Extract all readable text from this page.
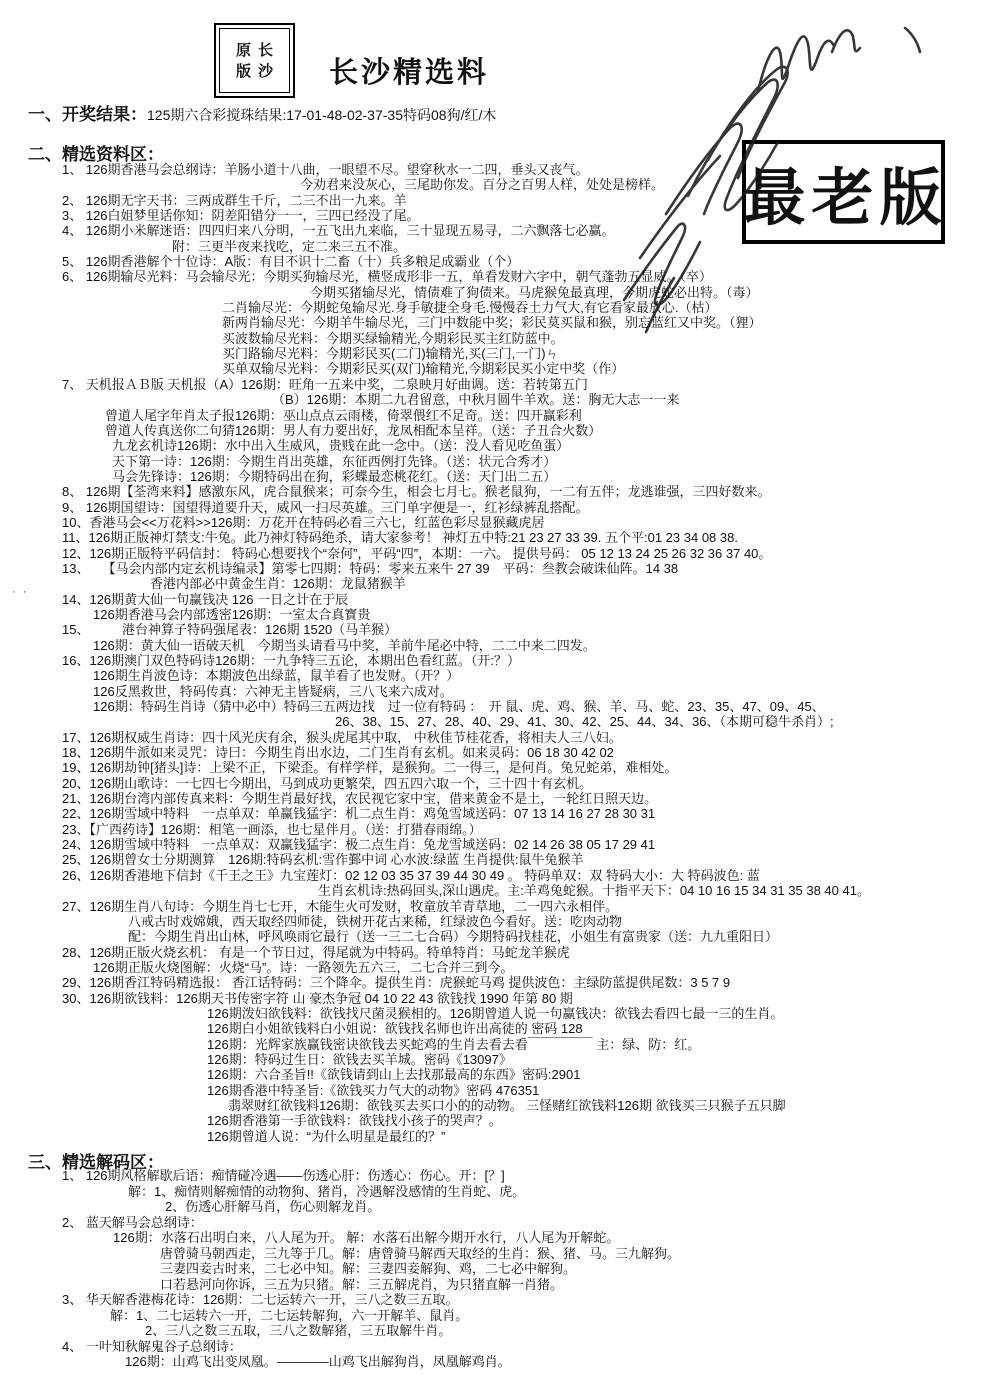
原长
版沙 长沙精选料
最老版
一、开奖结果：125期六合彩搅珠结果:17-01-48-02-37-35特码08狗/红/木
二、精选资料区：
1、 126期香港马会总纲诗：羊肠小道十八曲，一眼望不尽。望穿秋水一二四，垂头又丧气。
今劝君来没灰心，三尾助你发。百分之百男人样，处处是榜样。
2、 126期无字天书：三两成群生千斤，二三不出一九来。羊
3、 126白姐梦里话你知：阴差阳错分一一，三四已经没了尾。
4、 126期小米解迷语：四四归来八分明，一五飞出九来临，三十显现五易寻，二六飘落七必赢。
附：三更半夜来找吃，定二来三五不准。
5、 126期香港解个十位诗：A版：有目不识十二畜（十）兵多粮足成霸业（个）
6、 126期输尽光料：马会输尽光：今期买狗输尽光，横竖成形非一五，单看发财六字中，朝气蓬勃五显威。（卒）
今期买猪输尽光，情债难了狗债来。马虎猴兔最真理，今期虎蛇必出特。（毒）
二肖输尽光：今期蛇兔输尽光.身手敏捷全身毛.慢慢吞土力气大,有它看家最放心.（枯）
新两肖输尽光：今期羊牛输尽光，三门中数能中奖；彩民莫买鼠和猴，别忘蓝红又中奖。（狸）
买波数输尽光料：今期买绿输精光,今期彩民买主红防蓝中。
买门路输尽光料：今期彩民买(二门)输精光,买(三门,一门)ㄣ
买单双输尽光料：今期彩民买(双门)输精光,今期彩民买小定中奖（作）
7、 天机报ＡＢ版 天机报（A）126期：旺角一五来中奖，二泉映月好曲调。送：若转第五门
（B）126期：本期二九君留意，中秋月圆牛羊欢。送：胸无大志一一来
曾道人尾字年肖太子报126期：巫山点点云雨楼，倚翠偎红不足奇。送：四开赢彩利
曾道人传真送你二句猜126期：男人有力要出好，龙凤相配本呈祥。（送：子丑合火数）
九龙玄机诗126期：水中出入生威风，贵贱在此一念中。（送：没人看见吃鱼蛋）
天下第一诗：126期：今期生肖出英雄，东征西例打先锋。（送：状元合秀才）
马会先锋诗：126期：今期特码出在狗，彩蝶最恋桃花红。（送：天门出二五）
8、 126期【荃湾来料】感激东风，虎合鼠猴来；可奈今生，相会七月七。猴老鼠狗，一二有五伴；龙逃谁强，三四好数来。
9、 126期国望诗：国望得道要升天，威风一扫尽英雄。三门单字便是一，红衫绿裤乱搭配。
10、香港马会<<万花料>>126期：万花开在特码必看三六七，红蓝色彩尽显猴藏虎居
11、126期正版神灯禁支:牛兔。此乃神灯特码绝杀，请大家参考！ 神灯五中特:21 23 27 33 39. 五个平:01 23 34 08 38.
12、126期正版特平码信封： 特码心想要找个“奈何”，平码“四”，本期：一六。 提供号码： 05 12 13 24 25 26 32 36 37 40。
13、　　【马会内部内定玄机诗编录】第零七四期：特码：零来五来牛 27 39　平码：叁教会破诛仙阵。14 38
香港内部必中黄金生肖：126期：龙鼠猪猴羊
14、126期黄大仙一句赢钱决 126 一日之计在于辰
126期香港马会内部透密126期：一室太合真寳贵
15、　　　港台神算子特码强尾表：126期 1520（马羊猴）
126期：黄大仙一语破天机　今期当头请看马中奖，羊前牛尾必中特，二二中来二四发。
16、126期澳门双色特码诗126期：一九争特三五论，本期出色看红蓝。（开:？）
126期生肖波色诗：本期波色出绿蓝，鼠羊看了也发财。（开？）
126反黑救世，特码传真：六神无主皆疑病，三八飞来六成对。
126期：特码生肖诗（猜中必中）特码三五两边找　过一位有特码 ：　开 鼠、虎、鸡、猴、羊、马、蛇、23、35、47、09、45、
26、38、15、27、28、40、29、41、30、42、25、44、34、36、（本期可稳牛杀肖）;
17、126期权威生肖诗：四十风光庆有余，猴头虎尾其中取， 中秋佳节桂花香，将相夫人三八妇。
18、126期牛派如来灵咒：诗曰：今期生肖出水边，二门生肖有玄机。如来灵码：06 18 30 42 02
19、126期劫钟[猪头]诗：上梁不正，下梁歪。有样学样，是猴狗。二一得三，是何肖。兔兄蛇弟，难相处。
20、126期山歌诗：一七四七今期出，马到成功更繁荣，四五四六取一个，三十四十有玄机。
21、126期台湾内部传真来料：今期生肖最好找，农民视它家中宝，借来黄金不是土，一轮红日照天边。
22、126期雪域中特料　一点单双：单赢钱猛字：机二点生肖：鸡兔雪域送码：07 13 14 16 27 28 30 31
23、【广西药诗】126期：相笔一画添，也七星伴月。（送：打猎春雨绵。）
24、126期雪域中特料　一点单双：双赢钱猛字：极二点生肖：兔龙雪域送码：02 14 26 38 05 17 29 41
25、126期曾女士分期测算　126期:特码玄机:雪作鄞中词 心水波:绿蓝 生肖提供:鼠牛兔猴羊
26、126期香港地下信封《千王之王》九宝莲灯：02 12 03 35 37 39 44 30 49 。 特码单双：双 特码大小：大 特码波色: 蓝
生肖玄机诗:热码回头,深山遇虎。主:羊鸡兔蛇猴。十指平天下：04 10 16 15 34 31 35 38 40 41。
27、126期生肖八句诗：今期生肖七七开，木能生火可发财，牧童放羊青草地，二一四六永相伴。
八戒古时戏嫦娥，西天取经四师徒，铁树开花古来稀，红绿波色今看好。送：吃肉动物
配：今期生肖出山林，呼风唤雨它最行（送一三二七合码）今期特码找桂花，小姐生有富贵家（送：九九重阳日）
28、126期正版火烧玄机： 有是一个节日过，得尾就为中特码。特单特肖：马蛇龙羊猴虎
126期正版火烧图解：火烧“马”。诗：一路领先五六三，二七合并三到今。
29、126期香江特码精选报： 香江话特码：三个降伞。提供生肖：虎猴蛇马鸡 提供波色：主绿防蓝提供尾数：3 5 7 9
30、126期欲钱料：126期天书传密字符 山 豪杰争冠 04 10 22 43 欲钱找 1990 年第 80 期
126期泼妇欲钱料：欲钱找尺菌灵猴相的。126期曾道人说一句赢钱决：欲钱去看四七最一三的生肖。
126期白小姐欲钱料白小姐说：欲钱找名师也许出高徒的 密码 128
126期：光辉家族赢钱密诀欲钱去买蛇鸡的生肖去看去看￣￣￣￣￣ 主：绿、防：红。
126期：特码过生日：欲钱去买羊城。密码《13097》
126期：六合圣旨!!《欲钱请到山上去找那最高的东西》密码:2901
126期香港中特圣旨:《欲钱买力气大的动物》密码 476351
翡翠财红欲钱料126期：欲钱买去买口小的的动物。 三怪赌红欲钱料126期 欲钱买三只猴子五只脚
126期香港第一手欲钱料：欲钱找小孩子的哭声？。
126期曾道人说：“为什么明星是最红的？”
三、精选解码区：
1、 126期风格解歇后语：痴情碰冷遇——伤透心肝：伤透心：伤心。开：[？]
解：1、痴情则解痴情的动物狗、猪肖，冷遇解没感情的生肖蛇、虎。
2、伤透心肝解马肖，伤心则解龙肖。
2、 蓝天解马会总纲诗：
126期：水落石出明白来，八人尾为开。 解：水落石出解今期开水行，八人尾为开解蛇。
唐曾骑马朝西走，三九等于几。解：唐曾骑马解西天取经的生肖：猴、猪、马。三九解狗。
三妻四妾古时来，二七必中知。解：三妻四妾解狗、鸡，二七必中解狗。
口若悬河向你诉，三五为只猪。解：三五解虎肖，为只猪直解一肖猪。
3、 华天解香港梅花诗：126期：二七运转六一开，三八之数三五取。
解：1、二七运转六一开，二七运转解狗，六一开解羊、鼠肖。
2、三八之数三五取，三八之数解猪，三五取解牛肖。
4、 一叶知秋解鬼谷子总纲诗：
126期：山鸡飞出变凤凰。————山鸡飞出解狗肖，凤凰解鸡肖。
· ·
